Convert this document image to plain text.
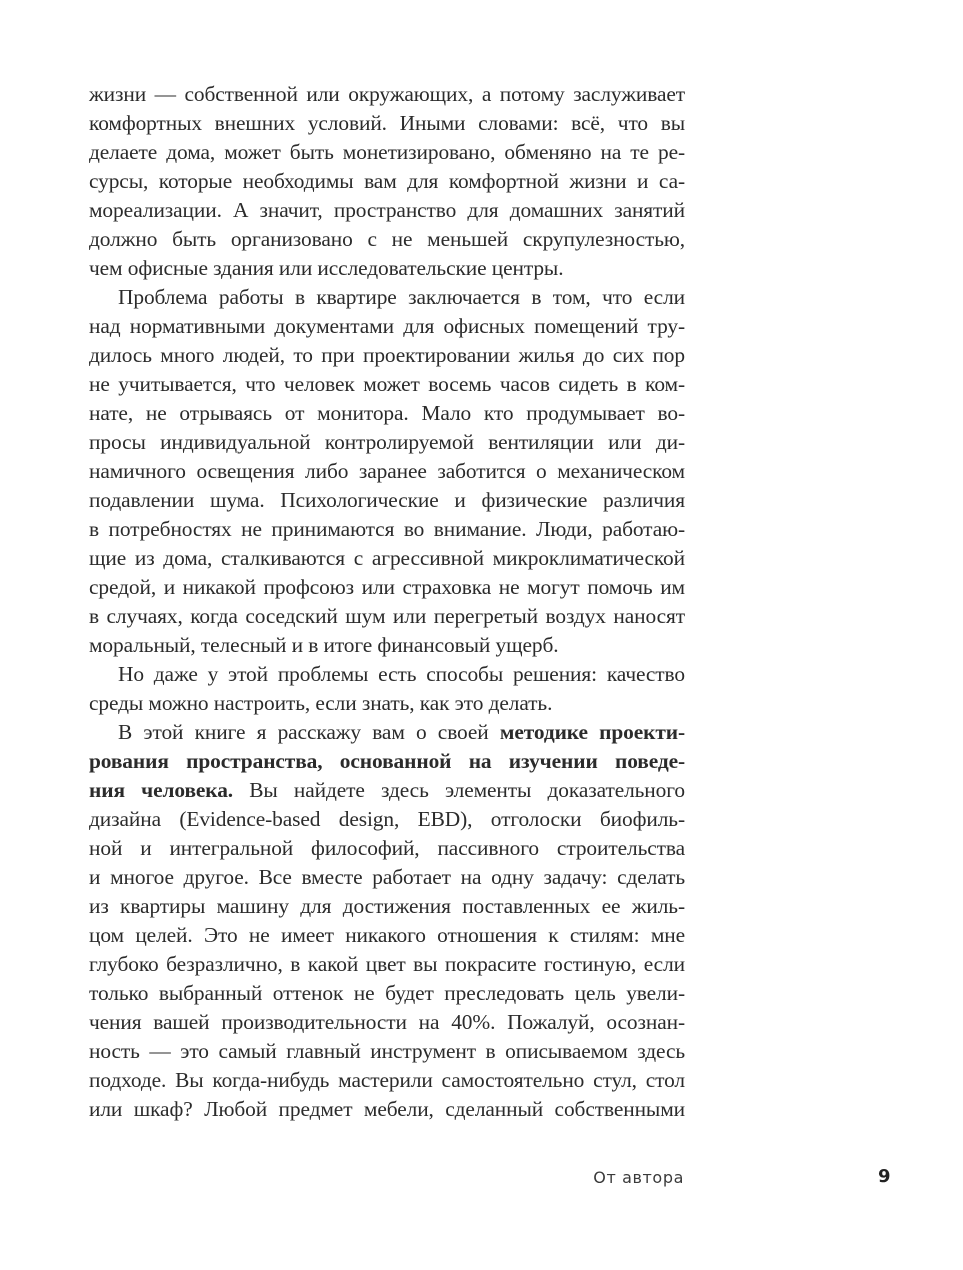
жизни — собственной или окружающих, а потому заслуживает
комфортных внешних условий. Иными словами: всё, что вы
делаете дома, может быть монетизировано, обменяно на те ре-
сурсы, которые необходимы вам для комфортной жизни и са-
мореализации. А значит, пространство для домашних занятий
должно быть организовано с не меньшей скрупулезностью,
чем офисные здания или исследовательские центры.
Проблема работы в квартире заключается в том, что если
над нормативными документами для офисных помещений тру-
дилось много людей, то при проектировании жилья до сих пор
не учитывается, что человек может восемь часов сидеть в ком-
нате, не отрываясь от монитора. Мало кто продумывает во-
просы индивидуальной контролируемой вентиляции или ди-
намичного освещения либо заранее заботится о механическом
подавлении шума. Психологические и физические различия
в потребностях не принимаются во внимание. Люди, работаю-
щие из дома, сталкиваются с агрессивной микроклиматической
средой, и никакой профсоюз или страховка не могут помочь им
в случаях, когда соседский шум или перегретый воздух наносят
моральный, телесный и в итоге финансовый ущерб.
Но даже у этой проблемы есть способы решения: качество
среды можно настроить, если знать, как это делать.
В этой книге я расскажу вам о своей методике проекти-
рования пространства, основанной на изучении поведе-
ния человека. Вы найдете здесь элементы доказательного
дизайна (Evidence-based design, EBD), отголоски биофиль-
ной и интегральной философий, пассивного строительства
и многое другое. Все вместе работает на одну задачу: сделать
из квартиры машину для достижения поставленных ее жиль-
цом целей. Это не имеет никакого отношения к стилям: мне
глубоко безразлично, в какой цвет вы покрасите гостиную, если
только выбранный оттенок не будет преследовать цель увели-
чения вашей производительности на 40%. Пожалуй, осознан-
ность — это самый главный инструмент в описываемом здесь
подходе. Вы когда-нибудь мастерили самостоятельно стул, стол
или шкаф? Любой предмет мебели, сделанный собственными
От автора	9
